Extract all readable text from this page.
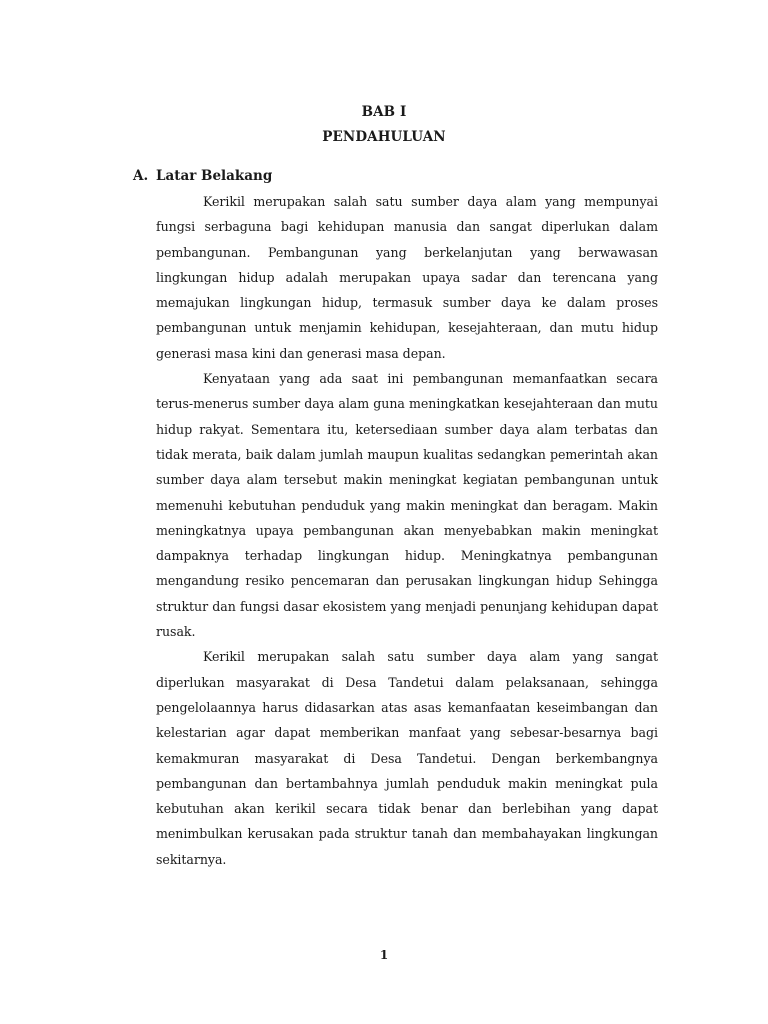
BAB I
PENDAHULUAN
A. Latar Belakang

Kerikil merupakan salah satu sumber daya alam yang mempunyai fungsi serbaguna bagi kehidupan manusia dan sangat diperlukan dalam pembangunan. Pembangunan yang berkelanjutan yang berwawasan lingkungan hidup adalah merupakan upaya sadar dan terencana yang memajukan lingkungan hidup, termasuk sumber daya ke dalam proses pembangunan untuk menjamin kehidupan, kesejahteraan, dan mutu hidup generasi masa kini dan generasi masa depan.

Kenyataan yang ada saat ini pembangunan memanfaatkan secara terus-menerus sumber daya alam guna meningkatkan kesejahteraan dan mutu hidup rakyat. Sementara itu, ketersediaan sumber daya alam terbatas dan tidak merata, baik dalam jumlah maupun kualitas sedangkan pemerintah akan sumber daya alam tersebut makin meningkat kegiatan pembangunan untuk memenuhi kebutuhan penduduk yang makin meningkat dan beragam. Makin meningkatnya upaya pembangunan akan menyebabkan makin meningkat dampaknya terhadap lingkungan hidup. Meningkatnya pembangunan mengandung resiko pencemaran dan perusakan lingkungan hidup Sehingga struktur dan fungsi dasar ekosistem yang menjadi penunjang kehidupan dapat rusak.

Kerikil merupakan salah satu sumber daya alam yang sangat diperlukan masyarakat di Desa Tandetui dalam pelaksanaan, sehingga pengelolaannya harus didasarkan atas asas kemanfaatan keseimbangan dan kelestarian agar dapat memberikan manfaat yang sebesar-besarnya bagi kemakmuran masyarakat di Desa Tandetui. Dengan berkembangnya pembangunan dan bertambahnya jumlah penduduk makin meningkat pula kebutuhan akan kerikil secara tidak benar dan berlebihan yang dapat menimbulkan kerusakan pada struktur tanah dan membahayakan lingkungan sekitarnya.

1
